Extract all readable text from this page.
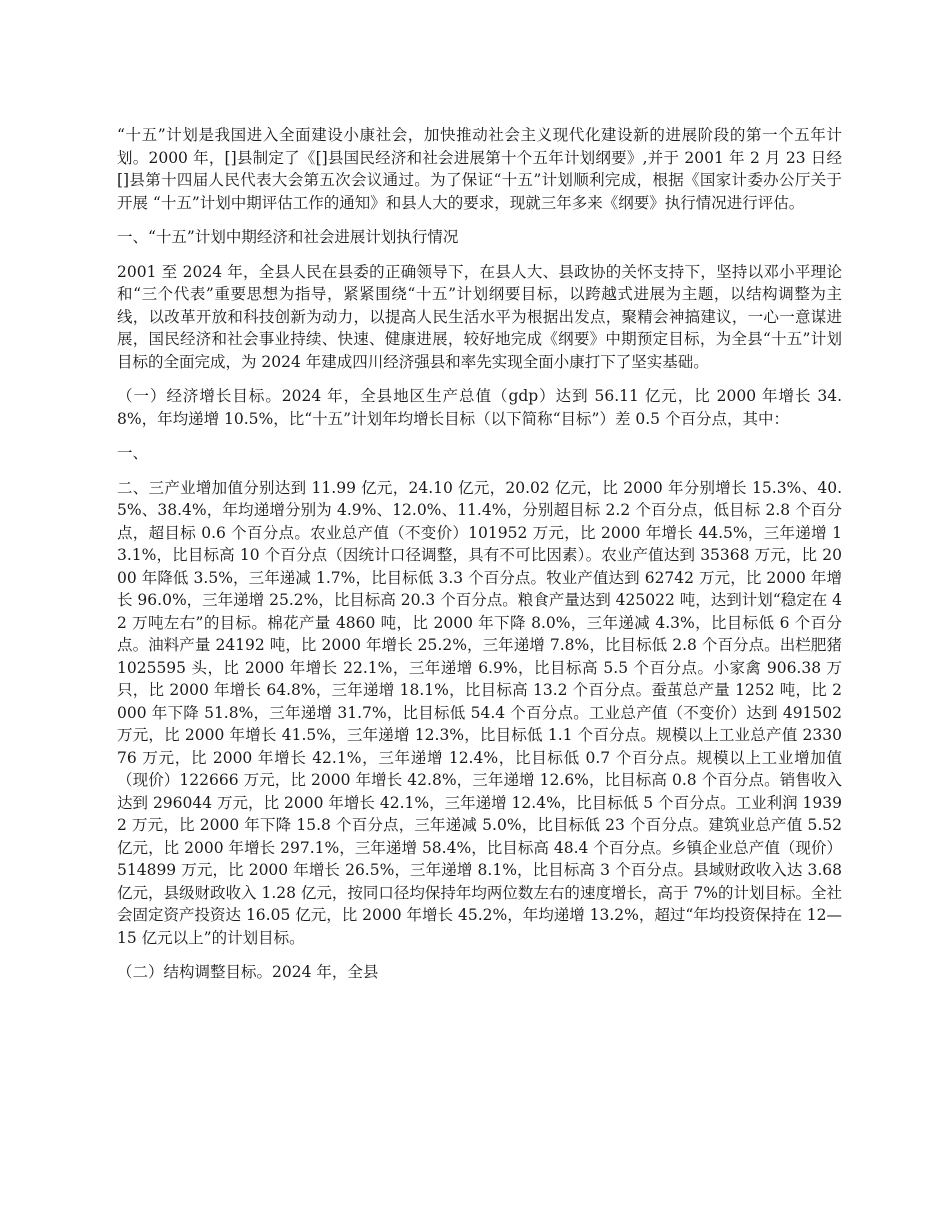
“十五”计划是我国进入全面建设小康社会，加快推动社会主义现代化建设新的进展阶段的第一个五年计划。2000 年，[]县制定了《[]县国民经济和社会进展第十个五年计划纲要》,并于 2001 年 2 月 23 日经[]县第十四届人民代表大会第五次会议通过。为了保证“十五”计划顺利完成，根据《国家计委办公厅关于开展 “十五”计划中期评估工作的通知》和县人大的要求，现就三年多来《纲要》执行情况进行评估。

一、“十五”计划中期经济和社会进展计划执行情况

2001 至 2024 年，全县人民在县委的正确领导下，在县人大、县政协的关怀支持下，坚持以邓小平理论和“三个代表”重要思想为指导，紧紧围绕“十五”计划纲要目标，以跨越式进展为主题，以结构调整为主线，以改革开放和科技创新为动力，以提高人民生活水平为根据出发点，聚精会神搞建议，一心一意谋进展，国民经济和社会事业持续、快速、健康进展，较好地完成《纲要》中期预定目标，为全县“十五”计划目标的全面完成，为 2024 年建成四川经济强县和率先实现全面小康打下了坚实基础。

（一）经济增长目标。2024 年，全县地区生产总值（gdp）达到 56.11 亿元，比 2000 年增长 34.8%，年均递增 10.5%，比“十五”计划年均增长目标（以下简称“目标”）差 0.5 个百分点，其中：

一、

二、三产业增加值分别达到 11.99 亿元，24.10 亿元，20.02 亿元，比 2000 年分别增长 15.3%、40.5%、38.4%，年均递增分别为 4.9%、12.0%、11.4%，分别超目标 2.2 个百分点，低目标 2.8 个百分点，超目标 0.6 个百分点。农业总产值（不变价）101952 万元，比 2000 年增长 44.5%，三年递增 13.1%，比目标高 10 个百分点（因统计口径调整，具有不可比因素）。农业产值达到 35368 万元，比 2000 年降低 3.5%，三年递减 1.7%，比目标低 3.3 个百分点。牧业产值达到 62742 万元，比 2000 年增长 96.0%，三年递增 25.2%，比目标高 20.3 个百分点。粮食产量达到 425022 吨，达到计划“稳定在 42 万吨左右”的目标。棉花产量 4860 吨，比 2000 年下降 8.0%，三年递减 4.3%，比目标低 6 个百分点。油料产量 24192 吨，比 2000 年增长 25.2%，三年递增 7.8%，比目标低 2.8 个百分点。出栏肥猪 1025595 头，比 2000 年增长 22.1%，三年递增 6.9%，比目标高 5.5 个百分点。小家禽 906.38 万只，比 2000 年增长 64.8%，三年递增 18.1%，比目标高 13.2 个百分点。蚕茧总产量 1252 吨，比 2000 年下降 51.8%，三年递增 31.7%，比目标低 54.4 个百分点。工业总产值（不变价）达到 491502 万元，比 2000 年增长 41.5%，三年递增 12.3%，比目标低 1.1 个百分点。规模以上工业总产值 233076 万元，比 2000 年增长 42.1%，三年递增 12.4%，比目标低 0.7 个百分点。规模以上工业增加值（现价）122666 万元，比 2000 年增长 42.8%，三年递增 12.6%，比目标高 0.8 个百分点。销售收入达到 296044 万元，比 2000 年增长 42.1%，三年递增 12.4%，比目标低 5 个百分点。工业利润 19392 万元，比 2000 年下降 15.8 个百分点，三年递减 5.0%，比目标低 23 个百分点。建筑业总产值 5.52 亿元，比 2000 年增长 297.1%，三年递增 58.4%，比目标高 48.4 个百分点。乡镇企业总产值（现价）514899 万元，比 2000 年增长 26.5%，三年递增 8.1%，比目标高 3 个百分点。县域财政收入达 3.68 亿元，县级财政收入 1.28 亿元，按同口径均保持年均两位数左右的速度增长，高于 7%的计划目标。全社会固定资产投资达 16.05 亿元，比 2000 年增长 45.2%，年均递增 13.2%，超过“年均投资保持在 12—15 亿元以上”的计划目标。

（二）结构调整目标。2024 年，全县
